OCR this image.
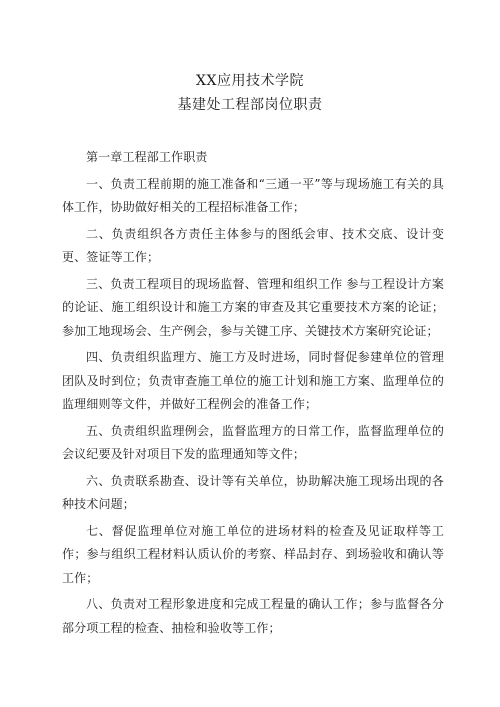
XX应用技术学院
基建处工程部岗位职责

第一章工程部工作职责

一、负责工程前期的施工准备和“三通一平”等与现场施工有关的具体工作，协助做好相关的工程招标准备工作；

二、负责组织各方责任主体参与的图纸会审、技术交底、设计变更、签证等工作；

三、负责工程项目的现场监督、管理和组织工作 参与工程设计方案的论证、施工组织设计和施工方案的审查及其它重要技术方案的论证；参加工地现场会、生产例会，参与关键工序、关键技术方案研究论证；

四、负责组织监理方、施工方及时进场，同时督促参建单位的管理团队及时到位；负责审查施工单位的施工计划和施工方案、监理单位的监理细则等文件，并做好工程例会的准备工作；

五、负责组织监理例会，监督监理方的日常工作，监督监理单位的会议纪要及针对项目下发的监理通知等文件；

六、负责联系勘查、设计等有关单位，协助解决施工现场出现的各种技术问题；

七、督促监理单位对施工单位的进场材料的检查及见证取样等工作；参与组织工程材料认质认价的考察、样品封存、到场验收和确认等工作；

八、负责对工程形象进度和完成工程量的确认工作；参与监督各分部分项工程的检查、抽检和验收等工作；
